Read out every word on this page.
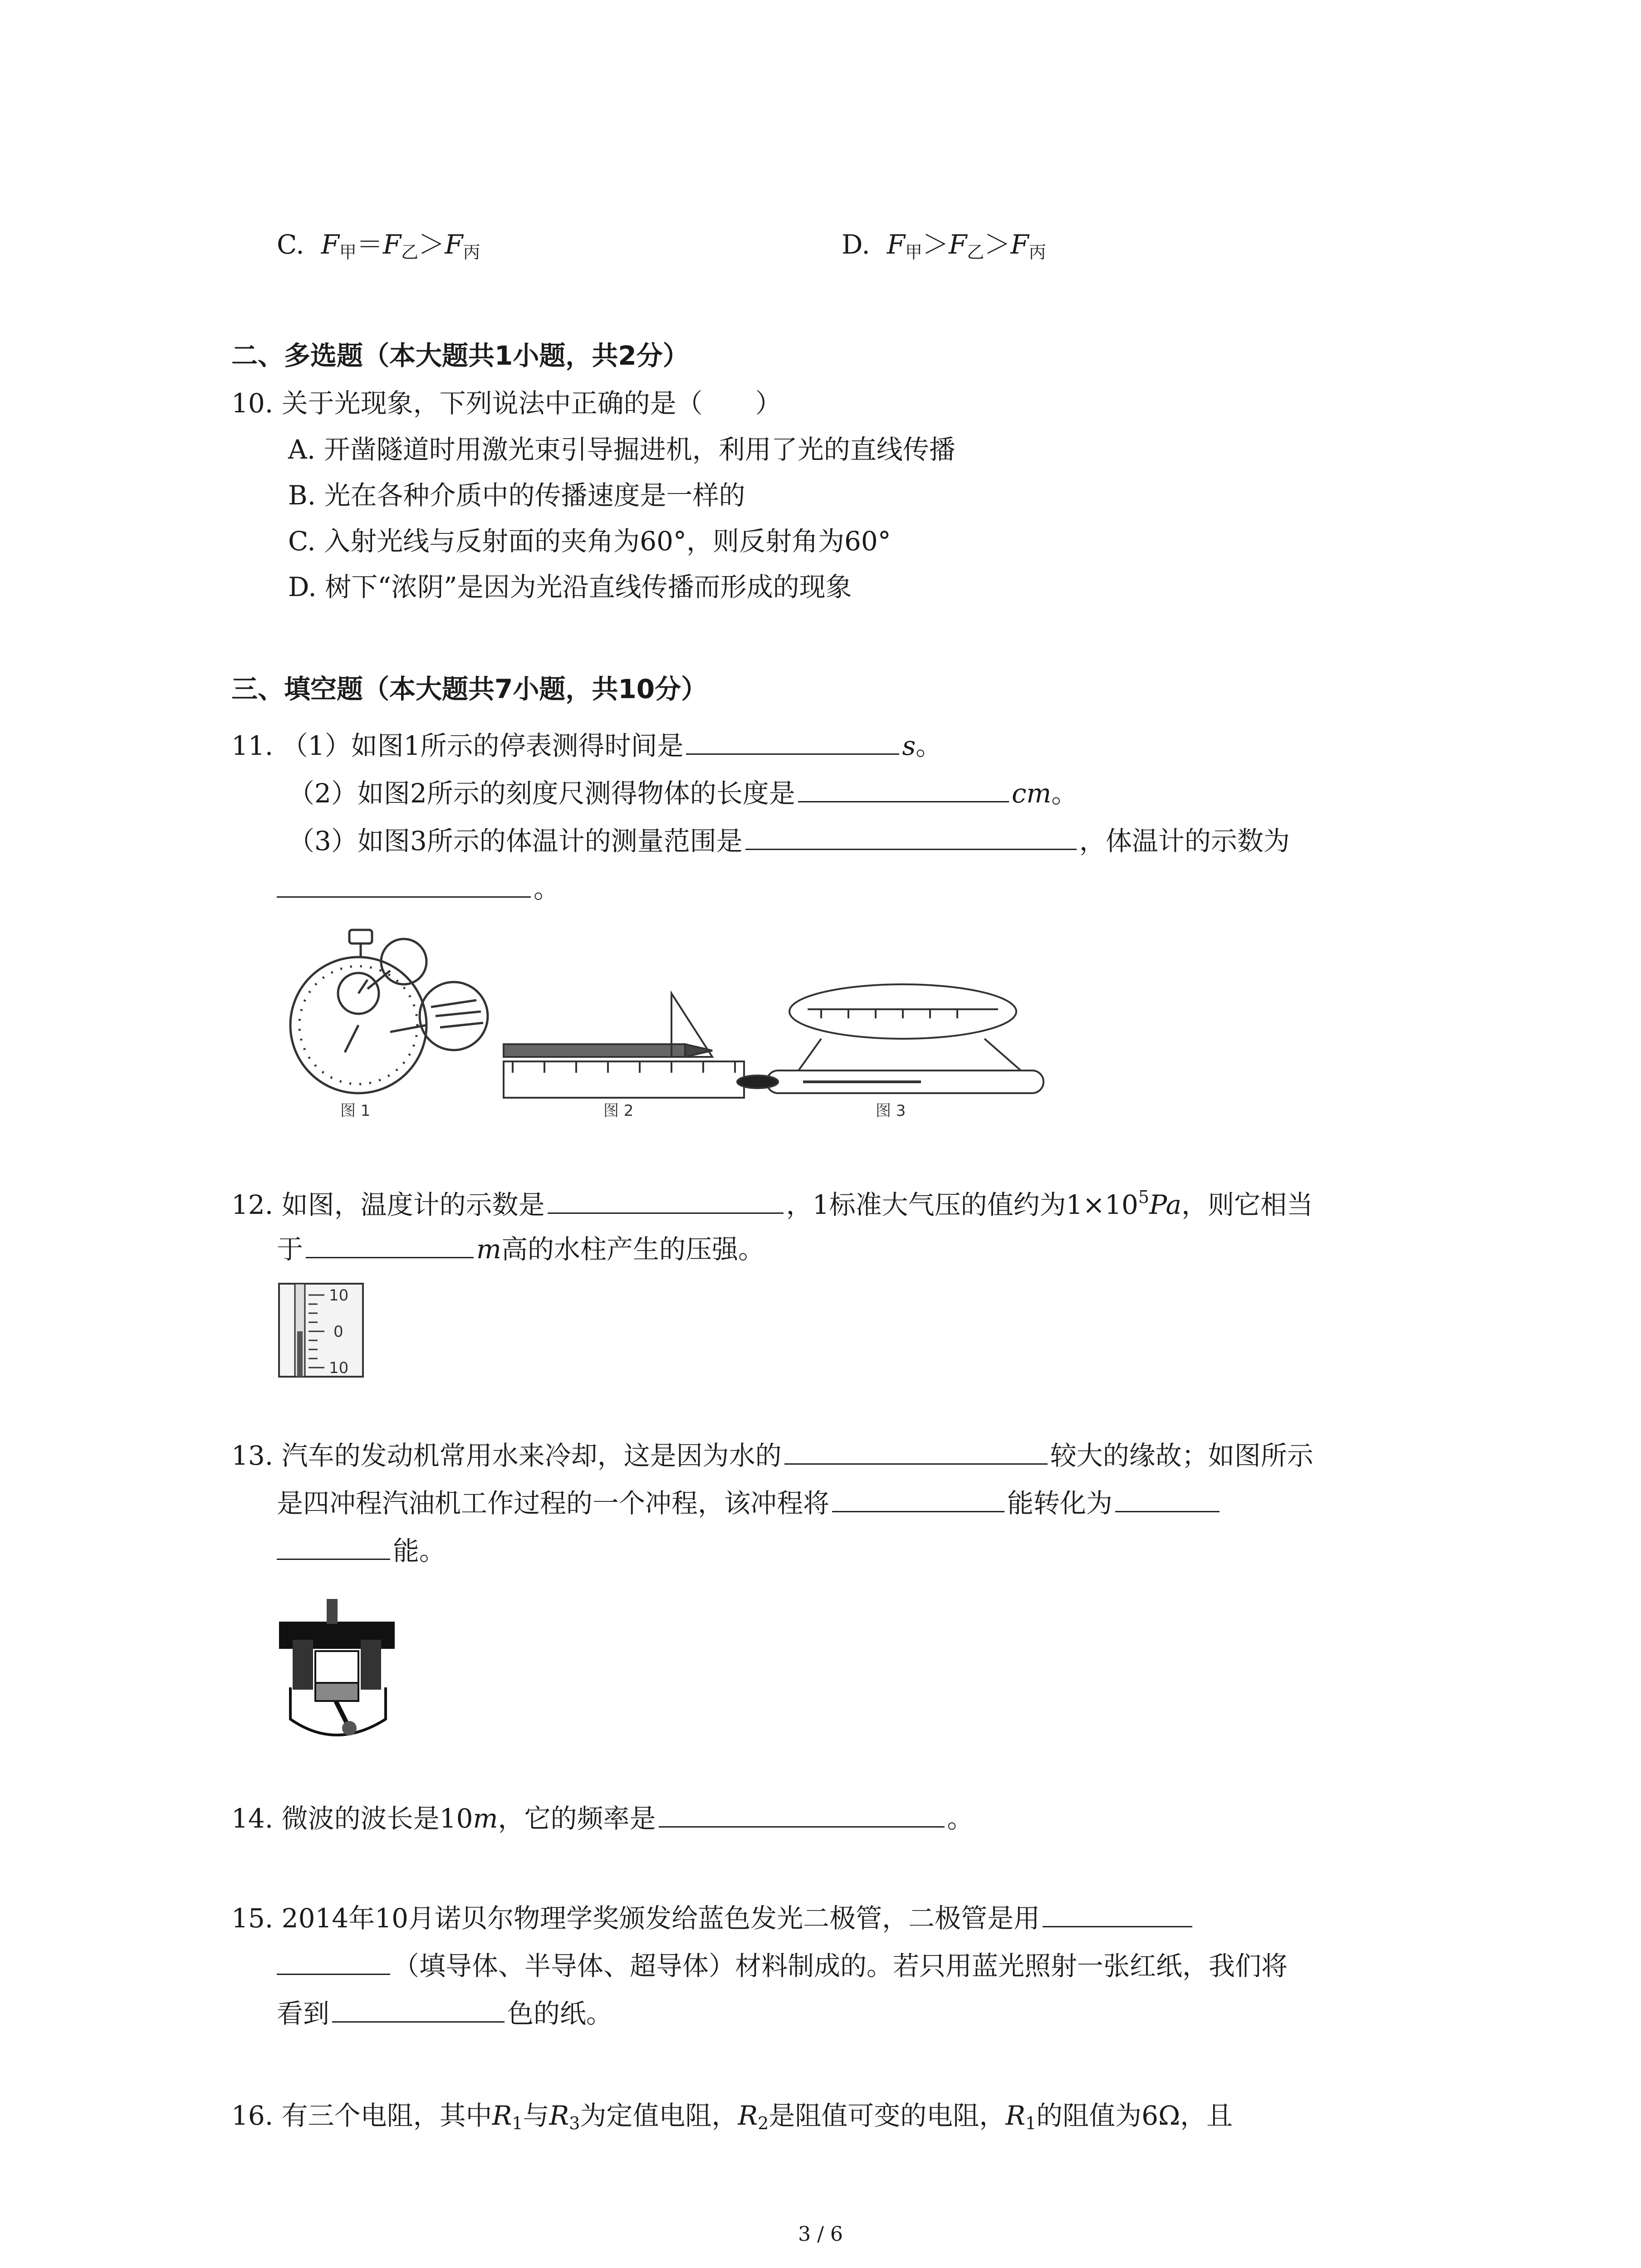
C. $F_甲=F_乙>F_丙$	D. $F_甲>F_乙>F_丙$
二、多选题（本大题共1小题，共2分）
10. 关于光现象，下列说法中正确的是（　　）
A. 开凿隧道时用激光束引导掘进机，利用了光的直线传播
B. 光在各种介质中的传播速度是一样的
C. 入射光线与反射面的夹角为60°，则反射角为60°
D. 树下“浓阴”是因为光沿直线传播而形成的现象
三、填空题（本大题共7小题，共10分）
11. （1）如图1所示的停表测得时间是	s。
（2）如图2所示的刻度尺测得物体的长度是	cm。
（3）如图3所示的体温计的测量范围是	，体温计的示数为
。
图 1	图 2	图 3
12. 如图，温度计的示数是	，1标准大气压的值约为$1\times 10^5Pa$，则它相当
于	m高的水柱产生的压强。
10
0
10
13. 汽车的发动机常用水来冷却，这是因为水的	较大的缘故；如图所示
是四冲程汽油机工作过程的一个冲程，该冲程将	能转化为
能。
14. 微波的波长是10m，它的频率是	。
15. 2014年10月诺贝尔物理学奖颁发给蓝色发光二极管，二极管是用
（填导体、半导体、超导体）材料制成的。若只用蓝光照射一张红纸，我们将
看到	色的纸。
16. 有三个电阻，其中$R_1$与$R_3$为定值电阻，$R_2$是阻值可变的电阻，$R_1$的阻值为6Ω，且
3 / 6
